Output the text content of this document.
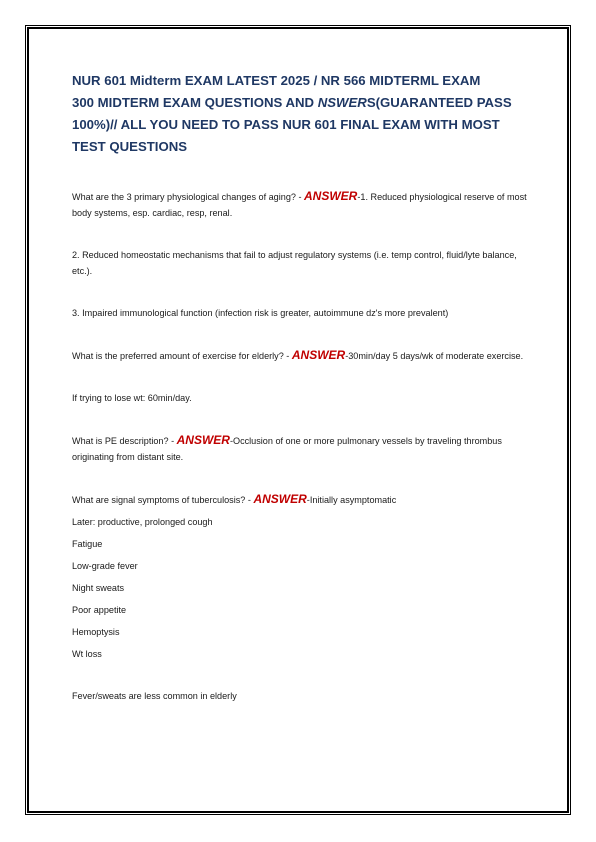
NUR 601 Midterm EXAM LATEST 2025 / NR 566 MIDTERML EXAM
300 MIDTERM EXAM QUESTIONS AND NSWERS(GUARANTEED PASS
100%)// ALL YOU NEED TO PASS NUR 601 FINAL EXAM WITH MOST
TEST QUESTIONS

What are the 3 primary physiological changes of aging? - ANSWER-1. Reduced physiological reserve of most body systems, esp. cardiac, resp, renal.

2. Reduced homeostatic mechanisms that fail to adjust regulatory systems (i.e. temp control, fluid/lyte balance, etc.).

3. Impaired immunological function (infection risk is greater, autoimmune dz's more prevalent)

What is the preferred amount of exercise for elderly? - ANSWER-30min/day 5 days/wk of moderate exercise.

If trying to lose wt: 60min/day.

What is PE description? - ANSWER-Occlusion of one or more pulmonary vessels by traveling thrombus originating from distant site.

What are signal symptoms of tuberculosis? - ANSWER-Initially asymptomatic

Later: productive, prolonged cough

Fatigue

Low-grade fever

Night sweats

Poor appetite

Hemoptysis

Wt loss

Fever/sweats are less common in elderly
